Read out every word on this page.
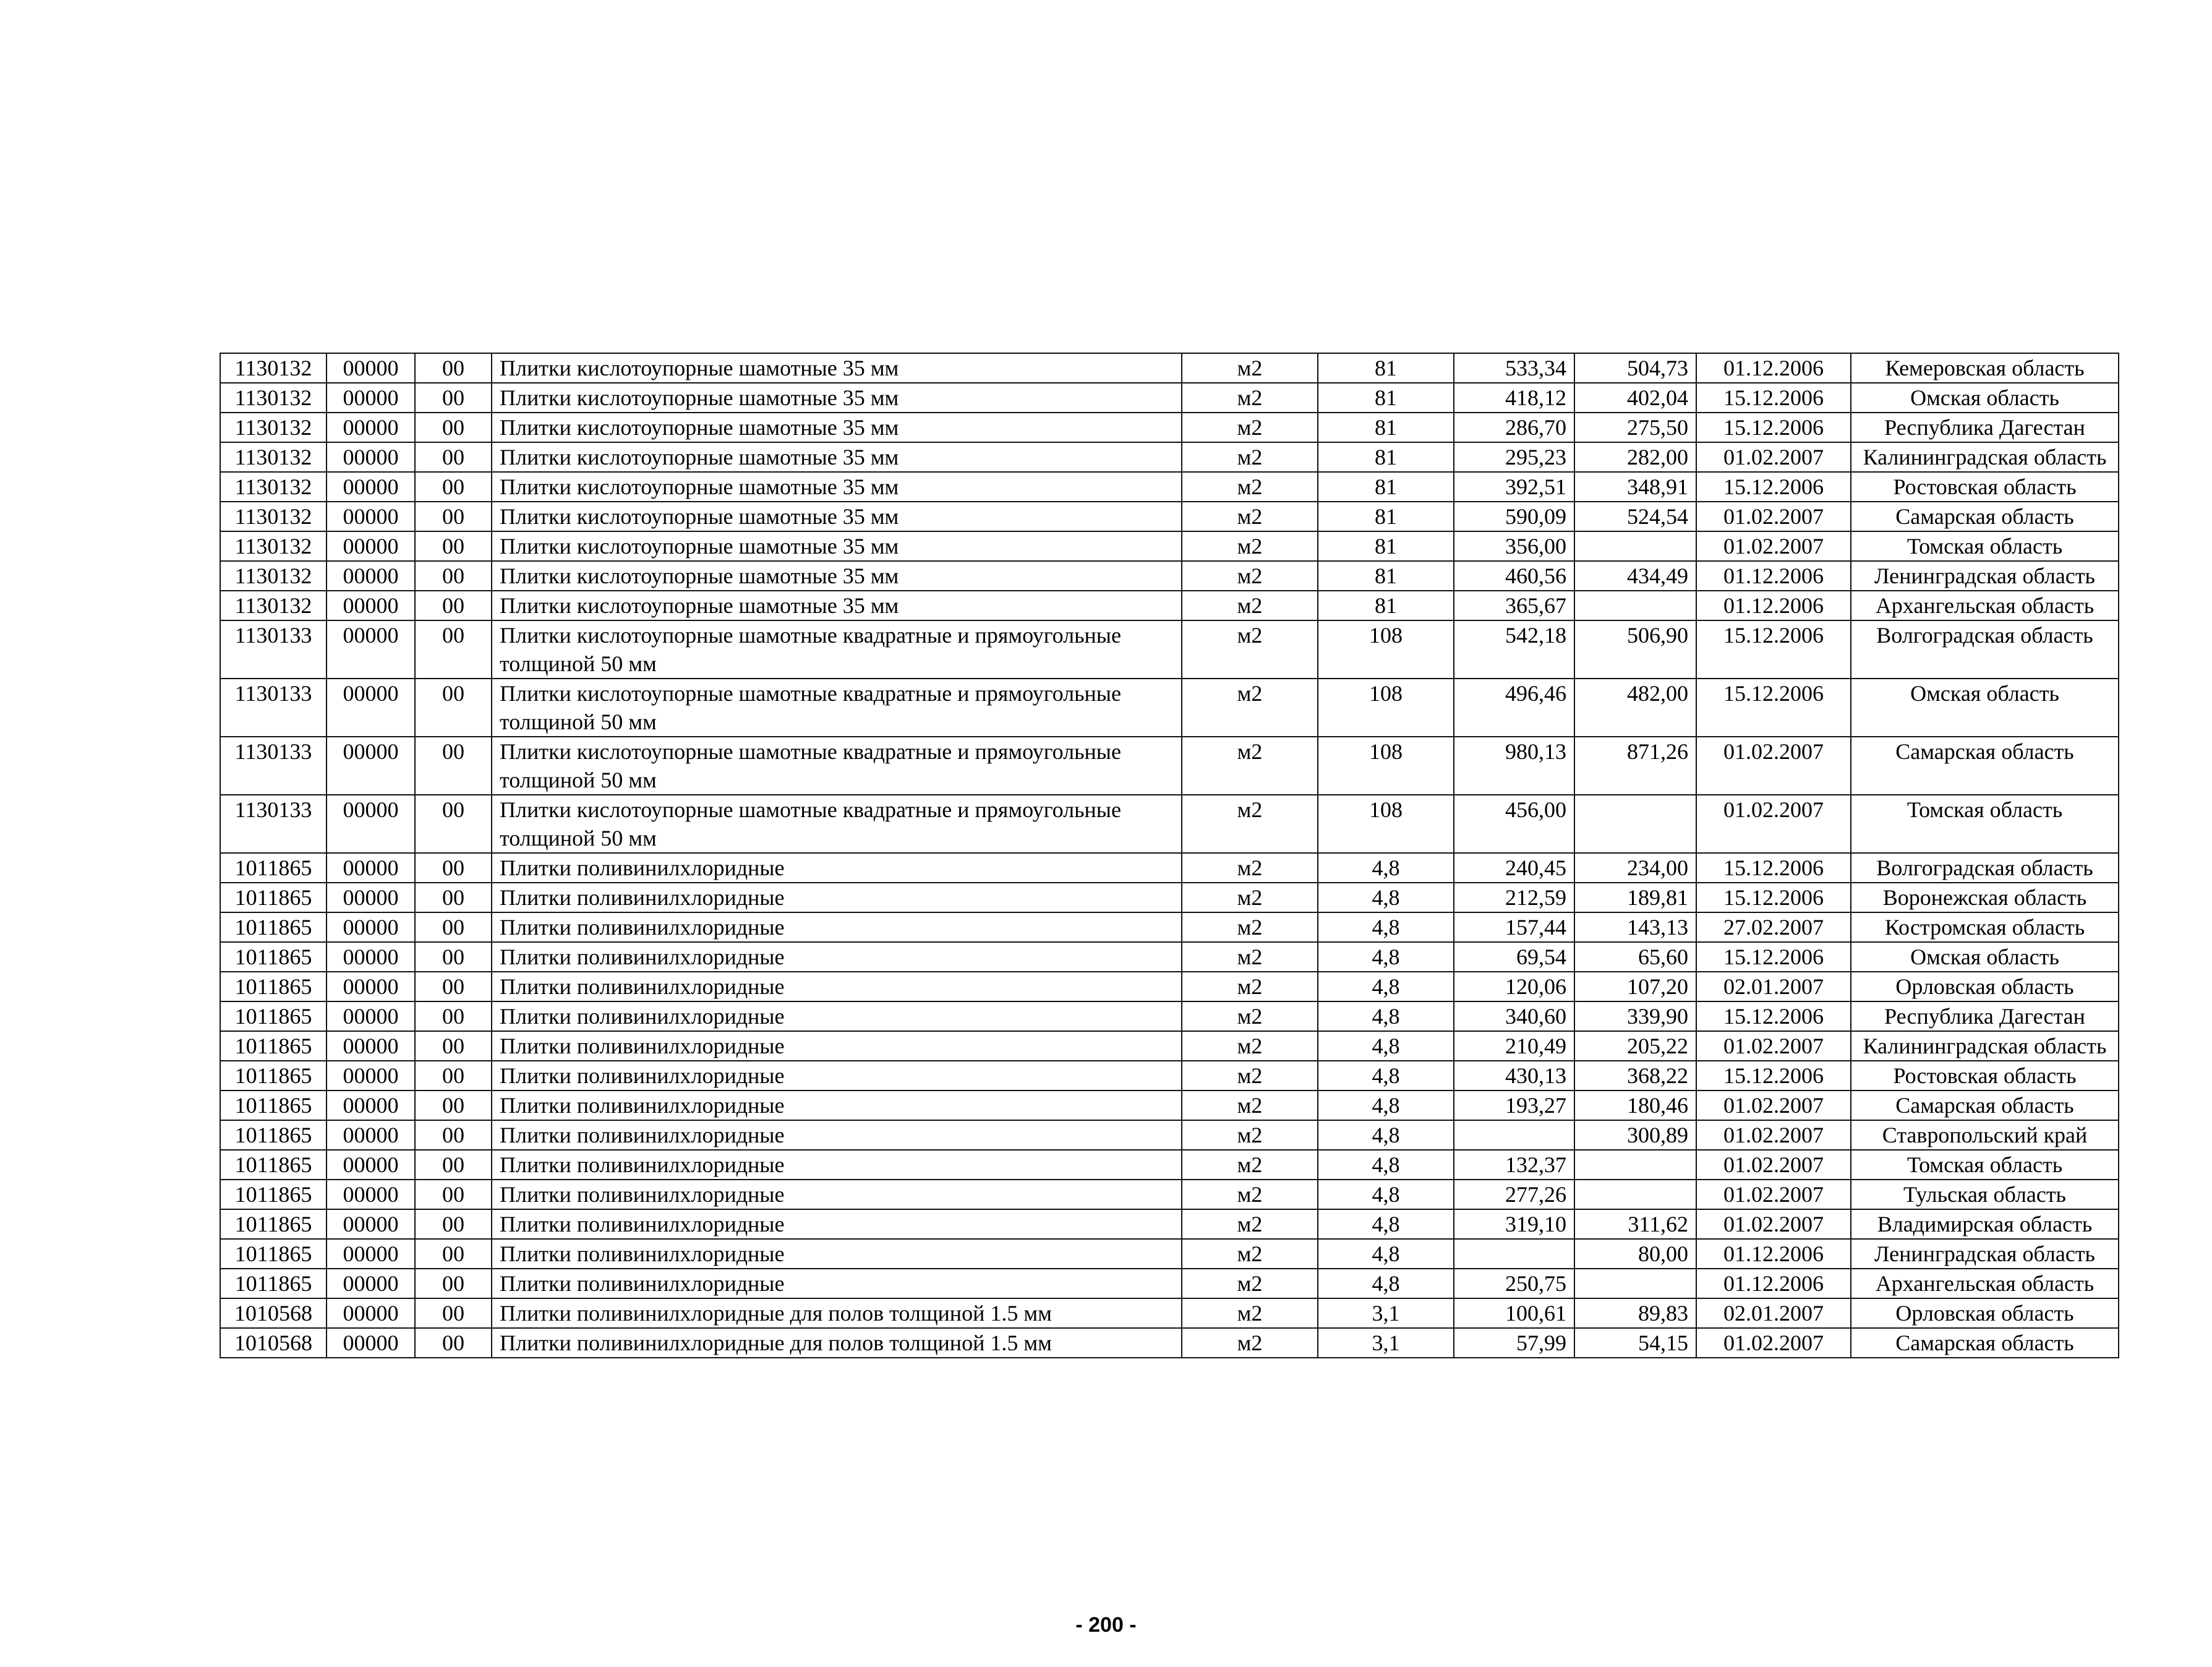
1130132	00000	00	Плитки кислотоупорные шамотные 35 мм	м2	81	533,34	504,73	01.12.2006	Кемеровская область
1130132	00000	00	Плитки кислотоупорные шамотные 35 мм	м2	81	418,12	402,04	15.12.2006	Омская область
1130132	00000	00	Плитки кислотоупорные шамотные 35 мм	м2	81	286,70	275,50	15.12.2006	Республика Дагестан
1130132	00000	00	Плитки кислотоупорные шамотные 35 мм	м2	81	295,23	282,00	01.02.2007	Калининградская область
1130132	00000	00	Плитки кислотоупорные шамотные 35 мм	м2	81	392,51	348,91	15.12.2006	Ростовская область
1130132	00000	00	Плитки кислотоупорные шамотные 35 мм	м2	81	590,09	524,54	01.02.2007	Самарская область
1130132	00000	00	Плитки кислотоупорные шамотные 35 мм	м2	81	356,00		01.02.2007	Томская область
1130132	00000	00	Плитки кислотоупорные шамотные 35 мм	м2	81	460,56	434,49	01.12.2006	Ленинградская область
1130132	00000	00	Плитки кислотоупорные шамотные 35 мм	м2	81	365,67		01.12.2006	Архангельская область
1130133	00000	00	Плитки кислотоупорные шамотные квадратные и прямоугольные толщиной 50 мм	м2	108	542,18	506,90	15.12.2006	Волгоградская область
1130133	00000	00	Плитки кислотоупорные шамотные квадратные и прямоугольные толщиной 50 мм	м2	108	496,46	482,00	15.12.2006	Омская область
1130133	00000	00	Плитки кислотоупорные шамотные квадратные и прямоугольные толщиной 50 мм	м2	108	980,13	871,26	01.02.2007	Самарская область
1130133	00000	00	Плитки кислотоупорные шамотные квадратные и прямоугольные толщиной 50 мм	м2	108	456,00		01.02.2007	Томская область
1011865	00000	00	Плитки поливинилхлоридные	м2	4,8	240,45	234,00	15.12.2006	Волгоградская область
1011865	00000	00	Плитки поливинилхлоридные	м2	4,8	212,59	189,81	15.12.2006	Воронежская область
1011865	00000	00	Плитки поливинилхлоридные	м2	4,8	157,44	143,13	27.02.2007	Костромская область
1011865	00000	00	Плитки поливинилхлоридные	м2	4,8	69,54	65,60	15.12.2006	Омская область
1011865	00000	00	Плитки поливинилхлоридные	м2	4,8	120,06	107,20	02.01.2007	Орловская область
1011865	00000	00	Плитки поливинилхлоридные	м2	4,8	340,60	339,90	15.12.2006	Республика Дагестан
1011865	00000	00	Плитки поливинилхлоридные	м2	4,8	210,49	205,22	01.02.2007	Калининградская область
1011865	00000	00	Плитки поливинилхлоридные	м2	4,8	430,13	368,22	15.12.2006	Ростовская область
1011865	00000	00	Плитки поливинилхлоридные	м2	4,8	193,27	180,46	01.02.2007	Самарская область
1011865	00000	00	Плитки поливинилхлоридные	м2	4,8		300,89	01.02.2007	Ставропольский край
1011865	00000	00	Плитки поливинилхлоридные	м2	4,8	132,37		01.02.2007	Томская область
1011865	00000	00	Плитки поливинилхлоридные	м2	4,8	277,26		01.02.2007	Тульская область
1011865	00000	00	Плитки поливинилхлоридные	м2	4,8	319,10	311,62	01.02.2007	Владимирская область
1011865	00000	00	Плитки поливинилхлоридные	м2	4,8		80,00	01.12.2006	Ленинградская область
1011865	00000	00	Плитки поливинилхлоридные	м2	4,8	250,75		01.12.2006	Архангельская область
1010568	00000	00	Плитки поливинилхлоридные для полов толщиной 1.5 мм	м2	3,1	100,61	89,83	02.01.2007	Орловская область
1010568	00000	00	Плитки поливинилхлоридные для полов толщиной 1.5 мм	м2	3,1	57,99	54,15	01.02.2007	Самарская область
- 200 -
